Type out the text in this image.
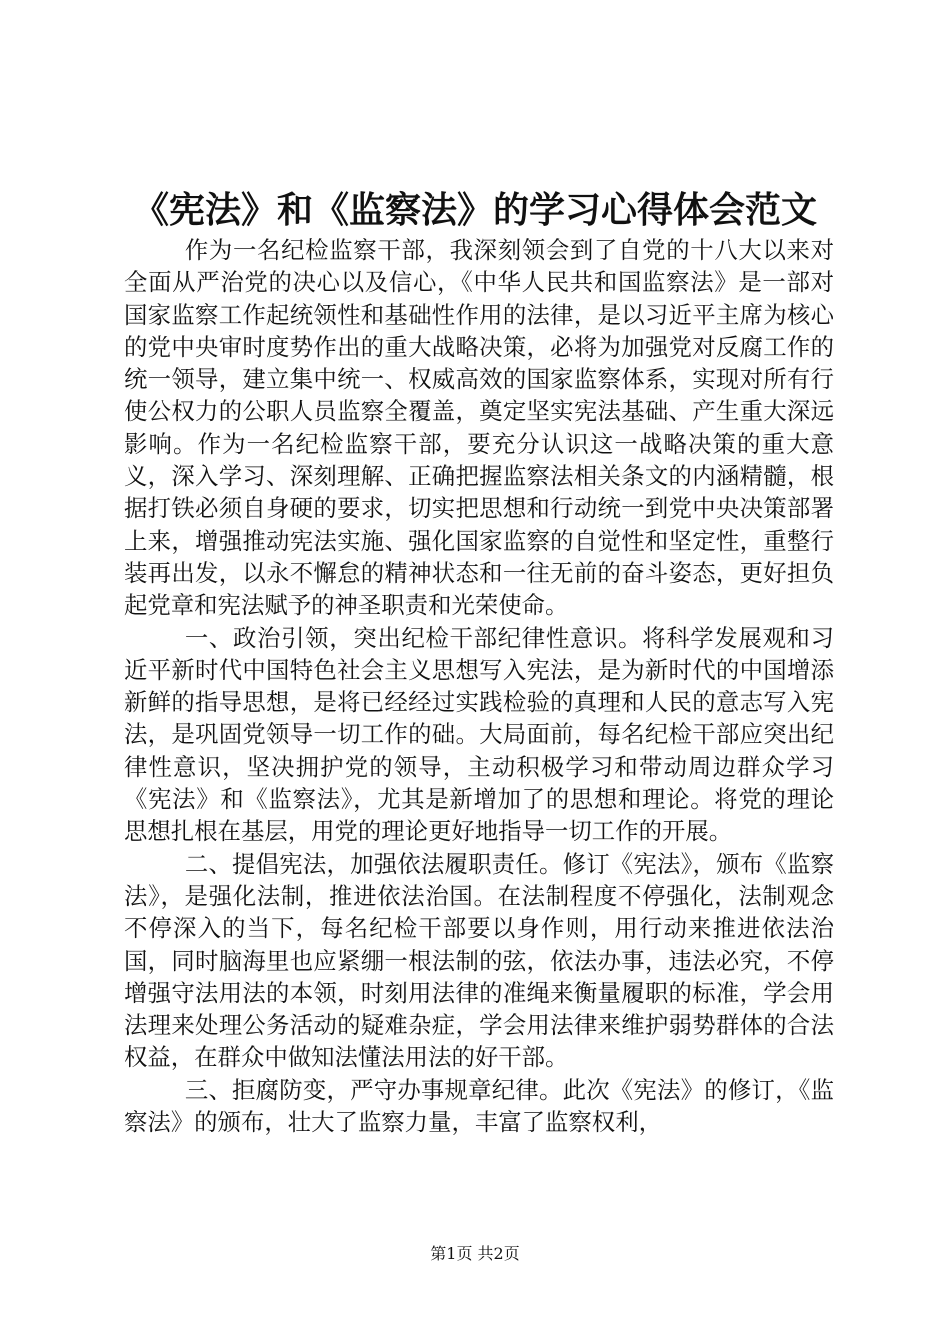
《宪法》和《监察法》的学习心得体会范文

作为一名纪检监察干部，我深刻领会到了自党的十八大以来对全面从严治党的决心以及信心，《中华人民共和国监察法》是一部对国家监察工作起统领性和基础性作用的法律，是以习近平主席为核心的党中央审时度势作出的重大战略决策，必将为加强党对反腐工作的统一领导，建立集中统一、权威高效的国家监察体系，实现对所有行使公权力的公职人员监察全覆盖，奠定坚实宪法基础、产生重大深远影响。作为一名纪检监察干部，要充分认识这一战略决策的重大意义，深入学习、深刻理解、正确把握监察法相关条文的内涵精髓，根据打铁必须自身硬的要求，切实把思想和行动统一到党中央决策部署上来，增强推动宪法实施、强化国家监察的自觉性和坚定性，重整行装再出发，以永不懈怠的精神状态和一往无前的奋斗姿态，更好担负起党章和宪法赋予的神圣职责和光荣使命。

一、政治引领，突出纪检干部纪律性意识。将科学发展观和习近平新时代中国特色社会主义思想写入宪法，是为新时代的中国增添新鲜的指导思想，是将已经经过实践检验的真理和人民的意志写入宪法，是巩固党领导一切工作的础。大局面前，每名纪检干部应突出纪律性意识，坚决拥护党的领导，主动积极学习和带动周边群众学习《宪法》和《监察法》，尤其是新增加了的思想和理论。将党的理论思想扎根在基层，用党的理论更好地指导一切工作的开展。

二、提倡宪法，加强依法履职责任。修订《宪法》，颁布《监察法》，是强化法制，推进依法治国。在法制程度不停强化，法制观念不停深入的当下，每名纪检干部要以身作则，用行动来推进依法治国，同时脑海里也应紧绷一根法制的弦，依法办事，违法必究，不停增强守法用法的本领，时刻用法律的准绳来衡量履职的标准，学会用法理来处理公务活动的疑难杂症，学会用法律来维护弱势群体的合法权益，在群众中做知法懂法用法的好干部。

三、拒腐防变，严守办事规章纪律。此次《宪法》的修订，《监察法》的颁布，壮大了监察力量，丰富了监察权利，

第1页 共2页
